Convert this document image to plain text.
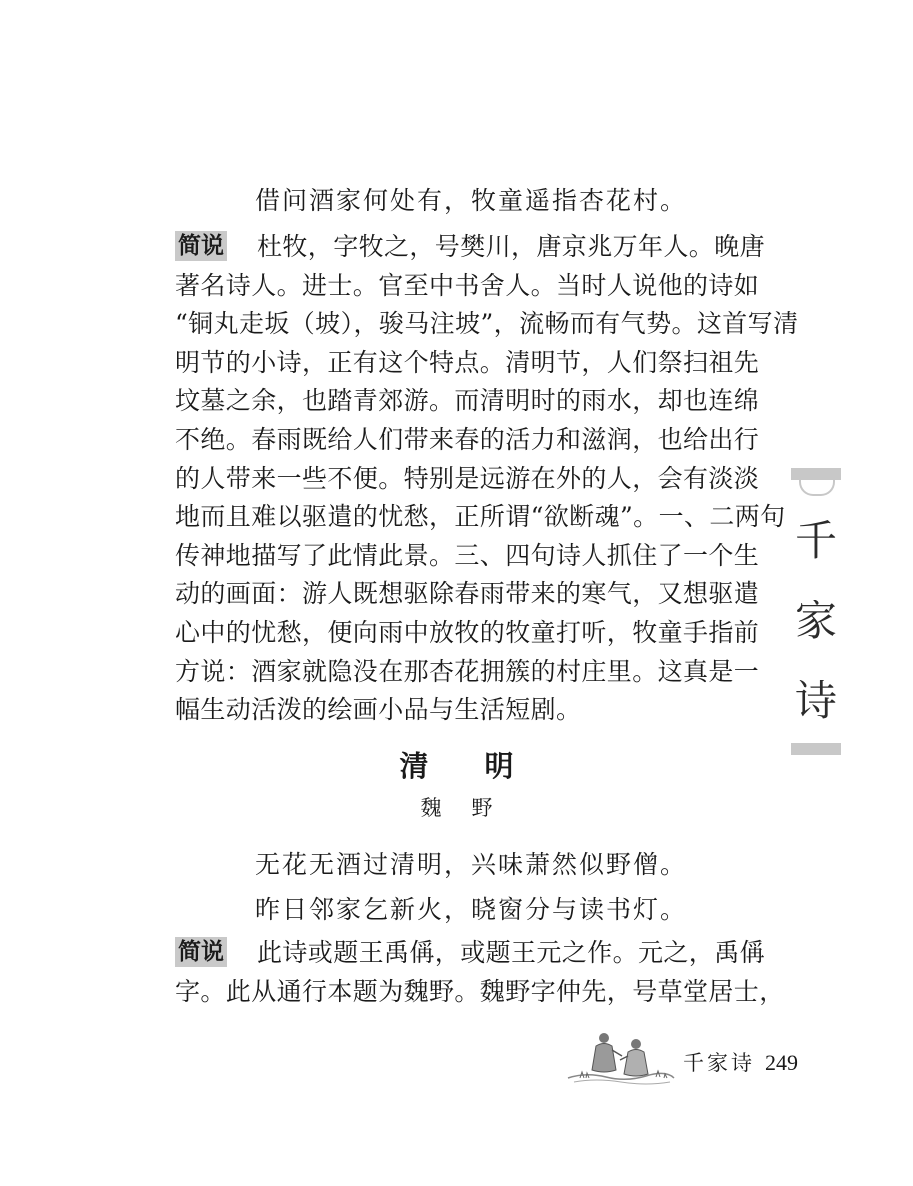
借问酒家何处有，牧童遥指杏花村。
简说 杜牧，字牧之，号樊川，唐京兆万年人。晚唐
著名诗人。进士。官至中书舍人。当时人说他的诗如
“铜丸走坂（坡），骏马注坡”，流畅而有气势。这首写清
明节的小诗，正有这个特点。清明节，人们祭扫祖先
坟墓之余，也踏青郊游。而清明时的雨水，却也连绵
不绝。春雨既给人们带来春的活力和滋润，也给出行
的人带来一些不便。特别是远游在外的人，会有淡淡
地而且难以驱遣的忧愁，正所谓“欲断魂”。一、二两句
传神地描写了此情此景。三、四句诗人抓住了一个生
动的画面：游人既想驱除春雨带来的寒气，又想驱遣
心中的忧愁，便向雨中放牧的牧童打听，牧童手指前
方说：酒家就隐没在那杏花拥簇的村庄里。这真是一
幅生动活泼的绘画小品与生活短剧。
清明
魏野
无花无酒过清明，兴味萧然似野僧。
昨日邻家乞新火，晓窗分与读书灯。
简说 此诗或题王禹偁，或题王元之作。元之，禹偁
字。此从通行本题为魏野。魏野字仲先，号草堂居士，
千
家
诗
千家诗 249
